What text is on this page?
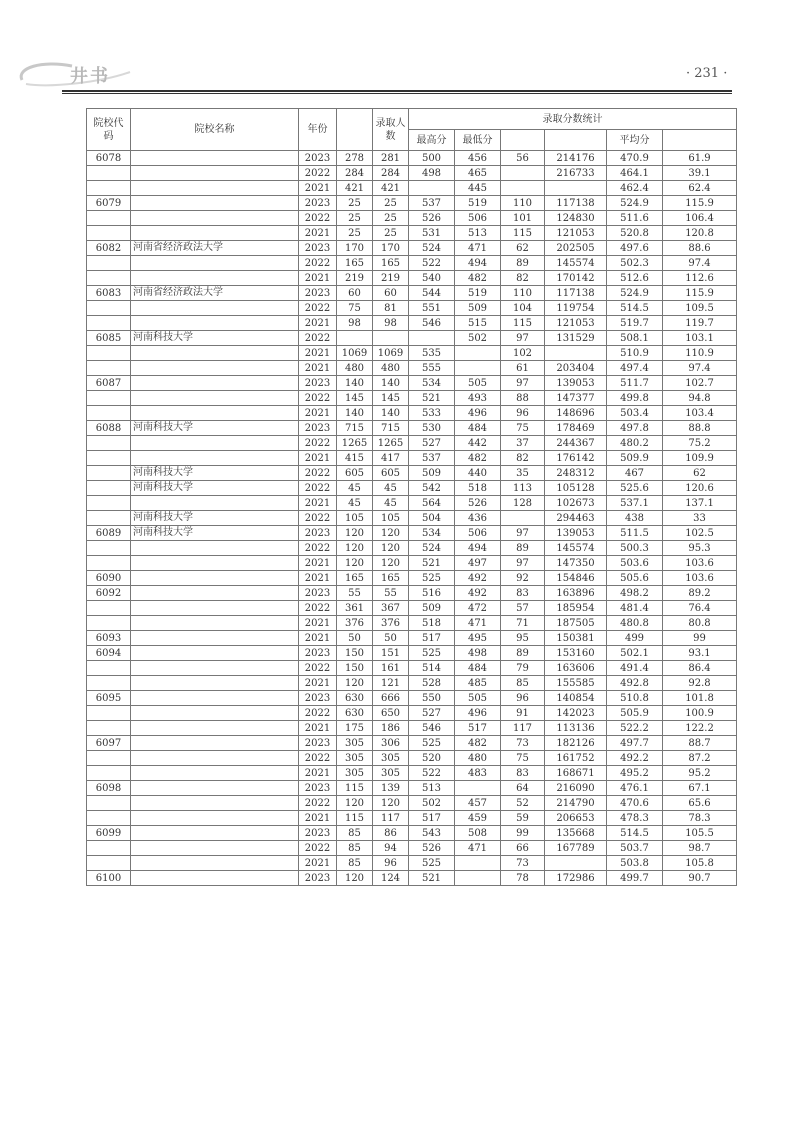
井书	· 231 ·
院校代码	院校名称	年份		录取人数	录取分数统计					
					最高分	最低分			平均分	
6078		2023	278	281	500	456	56	214176	470.9	61.9
		2022	284	284	498	465		216733	464.1	39.1
		2021	421	421		445			462.4	62.4
6079		2023	25	25	537	519	110	117138	524.9	115.9
		2022	25	25	526	506	101	124830	511.6	106.4
		2021	25	25	531	513	115	121053	520.8	120.8
6082	河南省经济政法大学	2023	170	170	524	471	62	202505	497.6	88.6
		2022	165	165	522	494	89	145574	502.3	97.4
		2021	219	219	540	482	82	170142	512.6	112.6
6083	河南省经济政法大学	2023	60	60	544	519	110	117138	524.9	115.9
		2022	75	81	551	509	104	119754	514.5	109.5
		2021	98	98	546	515	115	121053	519.7	119.7
6085	河南科技大学	2022				502	97	131529	508.1	103.1
		2021	1069	1069	535		102		510.9	110.9
		2021	480	480	555		61	203404	497.4	97.4
6087		2023	140	140	534	505	97	139053	511.7	102.7
		2022	145	145	521	493	88	147377	499.8	94.8
		2021	140	140	533	496	96	148696	503.4	103.4
6088	河南科技大学	2023	715	715	530	484	75	178469	497.8	88.8
		2022	1265	1265	527	442	37	244367	480.2	75.2
		2021	415	417	537	482	82	176142	509.9	109.9
	河南科技大学	2022	605	605	509	440	35	248312	467	62
	河南科技大学	2022	45	45	542	518	113	105128	525.6	120.6
		2021	45	45	564	526	128	102673	537.1	137.1
	河南科技大学	2022	105	105	504	436		294463	438	33
6089	河南科技大学	2023	120	120	534	506	97	139053	511.5	102.5
		2022	120	120	524	494	89	145574	500.3	95.3
		2021	120	120	521	497	97	147350	503.6	103.6
6090		2021	165	165	525	492	92	154846	505.6	103.6
6092		2023	55	55	516	492	83	163896	498.2	89.2
		2022	361	367	509	472	57	185954	481.4	76.4
		2021	376	376	518	471	71	187505	480.8	80.8
6093		2021	50	50	517	495	95	150381	499	99
6094		2023	150	151	525	498	89	153160	502.1	93.1
		2022	150	161	514	484	79	163606	491.4	86.4
		2021	120	121	528	485	85	155585	492.8	92.8
6095		2023	630	666	550	505	96	140854	510.8	101.8
		2022	630	650	527	496	91	142023	505.9	100.9
		2021	175	186	546	517	117	113136	522.2	122.2
6097		2023	305	306	525	482	73	182126	497.7	88.7
		2022	305	305	520	480	75	161752	492.2	87.2
		2021	305	305	522	483	83	168671	495.2	95.2
6098		2023	115	139	513		64	216090	476.1	67.1
		2022	120	120	502	457	52	214790	470.6	65.6
		2021	115	117	517	459	59	206653	478.3	78.3
6099		2023	85	86	543	508	99	135668	514.5	105.5
		2022	85	94	526	471	66	167789	503.7	98.7
		2021	85	96	525		73		503.8	105.8
6100		2023	120	124	521		78	172986	499.7	90.7
